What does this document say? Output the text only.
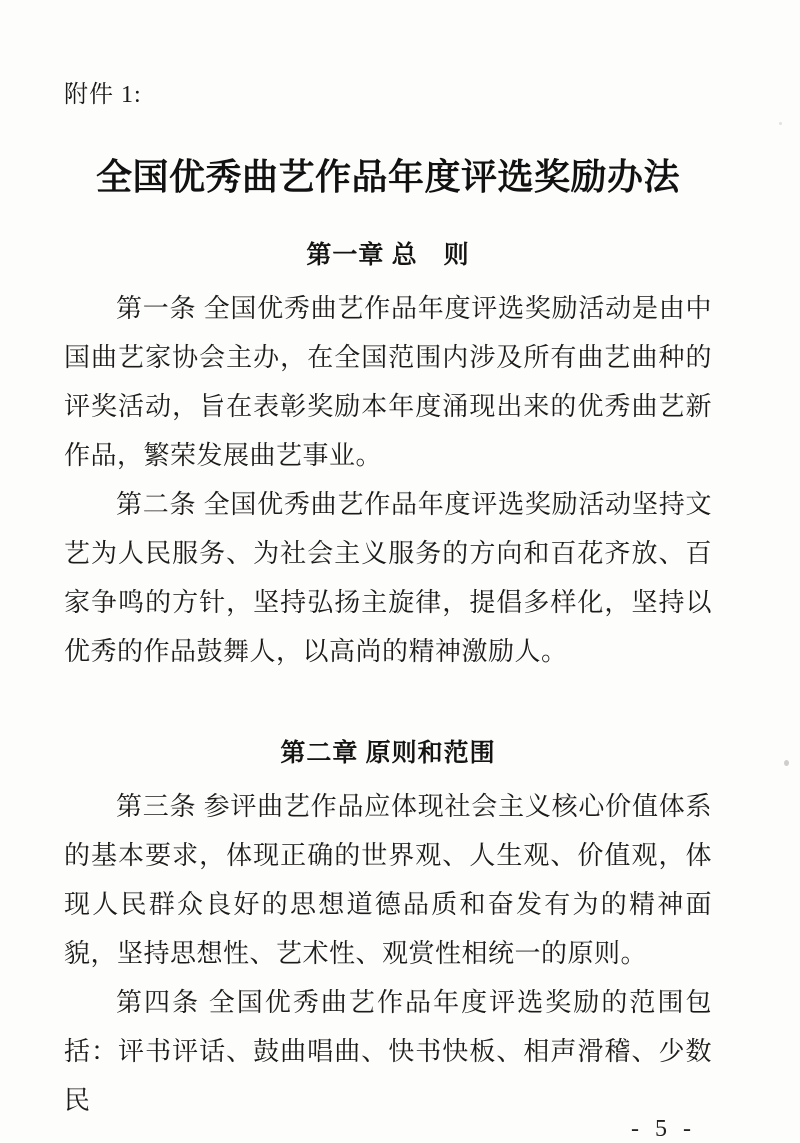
附件 1:
全国优秀曲艺作品年度评选奖励办法
第一章 总　则

第一条 全国优秀曲艺作品年度评选奖励活动是由中国曲艺家协会主办，在全国范围内涉及所有曲艺曲种的评奖活动，旨在表彰奖励本年度涌现出来的优秀曲艺新作品，繁荣发展曲艺事业。

第二条 全国优秀曲艺作品年度评选奖励活动坚持文艺为人民服务、为社会主义服务的方向和百花齐放、百家争鸣的方针，坚持弘扬主旋律，提倡多样化，坚持以优秀的作品鼓舞人，以高尚的精神激励人。

第二章 原则和范围

第三条 参评曲艺作品应体现社会主义核心价值体系的基本要求，体现正确的世界观、人生观、价值观，体现人民群众良好的思想道德品质和奋发有为的精神面貌，坚持思想性、艺术性、观赏性相统一的原则。

第四条 全国优秀曲艺作品年度评选奖励的范围包括：评书评话、鼓曲唱曲、快书快板、相声滑稽、少数民

- 5 -
